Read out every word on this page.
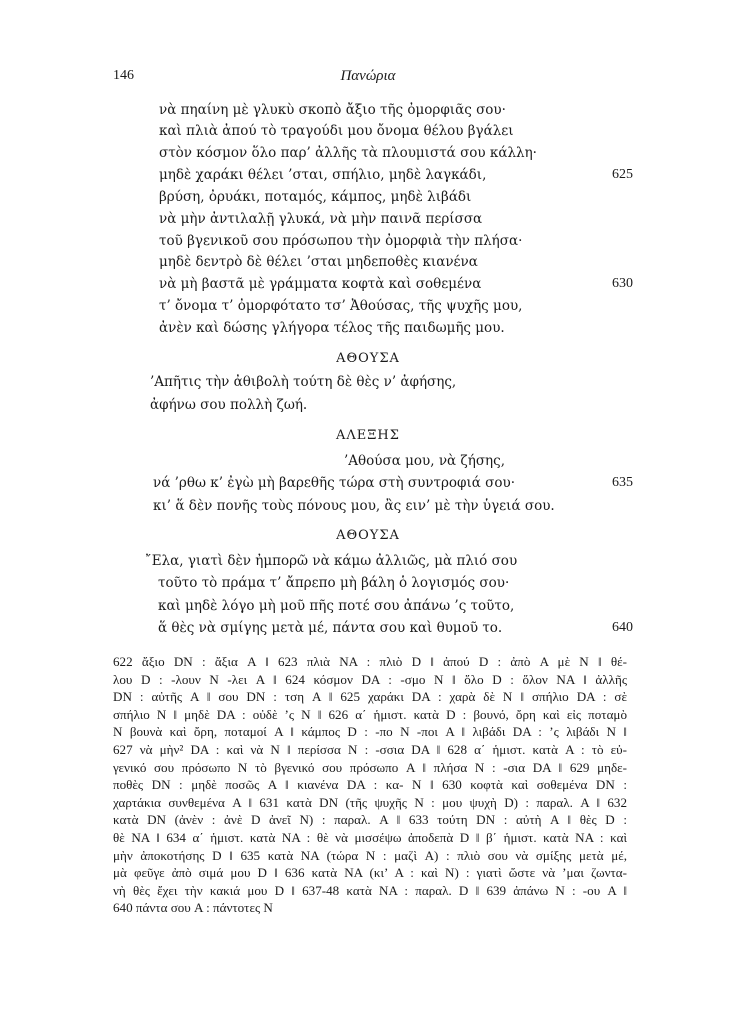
146	Πανώρια
νὰ πηαίνη μὲ γλυκὺ σκοπὸ ἄξιο τῆς ὀμορφιᾶς σου·
καὶ πλιὰ ἀπού τὸ τραγούδι μου ὄνομα θέλου βγάλει
στὸν κόσμον ὅλο παρ’ ἀλλῆς τὰ πλουμιστά σου κάλλη·
μηδὲ χαράκι θέλει ’σται, σπήλιο, μηδὲ λαγκάδι,	625
βρύση, ὀρυάκι, ποταμός, κάμπος, μηδὲ λιβάδι
νὰ μὴν ἀντιλαλῇ γλυκά, νὰ μὴν παινᾶ περίσσα
τοῦ βγενικοῦ σου πρόσωπου τὴν ὀμορφιὰ τὴν πλήσα·
μηδὲ δεντρὸ δὲ θέλει ’σται μηδεποθὲς κιανένα
νὰ μὴ βαστᾶ μὲ γράμματα κοφτὰ καὶ σοθεμένα	630
τ’ ὄνομα τ’ ὀμορφότατο τσ’ Ἀθούσας, τῆς ψυχῆς μου,
ἀνὲν καὶ δώσης γλήγορα τέλος τῆς παιδωμῆς μου.
ΑΘΟΥΣΑ
’Απῆτις τὴν ἀθιβολὴ τούτη δὲ θὲς ν’ ἀφήσης,
ἀφήνω σου πολλὴ ζωή.
ΑΛΕΞΗΣ
’Αθούσα μου, νὰ ζήσης,
νά ’ρθω κ’ ἐγὼ μὴ βαρεθῆς τώρα στὴ συντροφιά σου·	635
κι’ ἅ δὲν πονῆς τοὺς πόνους μου, ἂς ειν’ μὲ τὴν ὑγειά σου.
ΑΘΟΥΣΑ
῎Ελα, γιατὶ δὲν ἠμπορῶ νὰ κάμω ἀλλιῶς, μὰ πλιό σου
τοῦτο τὸ πράμα τ’ ἄπρεπο μὴ βάλη ὁ λογισμός σου·
καὶ μηδὲ λόγο μὴ μοῦ πῆς ποτέ σου ἀπάνω ’ς τοῦτο,
ἅ θὲς νὰ σμίγης μετὰ μέ, πάντα σου καὶ θυμοῦ το.	640
622 ἄξιο DN : ἄξια A ‖ 623 πλιὰ NA : πλιὸ D ‖ ἀπού D : ἀπὸ A μὲ N ‖ θέ-
λου D : -λουν N -λει A ‖ 624 κόσμον DA : -σμο N ‖ ὅλο D : ὅλον NA ‖ ἀλλῆς
DN : αὐτῆς A ‖ σου DN : τση A ‖ 625 χαράκι DA : χαρὰ δὲ N ‖ σπήλιο DA : σὲ
σπήλιο N ‖ μηδὲ DA : οὐδὲ ’ς N ‖ 626 α΄ ἡμιστ. κατὰ D : βουνό, ὄρη καὶ εἰς ποταμὸ
N βουνὰ καὶ ὄρη, ποταμοί A ‖ κάμπος D : -πο N -ποι A ‖ λιβάδι DA : ’ς λιβάδι N ‖
627 νὰ μὴν² DA : καὶ νὰ N ‖ περίσσα N : -σσια DA ‖ 628 α΄ ἡμιστ. κατὰ A : τὸ εὐ-
γενικό σου πρόσωπο N τὸ βγενικό σου πρόσωπο A ‖ πλήσα N : -σια DA ‖ 629 μηδε-
ποθὲς DN : μηδὲ ποσῶς A ‖ κιανένα DA : κα- N ‖ 630 κοφτὰ καὶ σοθεμένα DN :
χαρτάκια συνθεμένα A ‖ 631 κατὰ DN (τῆς ψυχῆς N : μου ψυχὴ D) : παραλ. A ‖ 632
κατὰ DN (ἀνὲν : ἀνὲ D ἀνεῖ N) : παραλ. A ‖ 633 τούτη DN : αὐτὴ A ‖ θὲς D :
θὲ NA ‖ 634 α΄ ἡμιστ. κατὰ NA : θὲ νὰ μισσέψω ἀποδεπὰ D ‖ β΄ ἡμιστ. κατὰ NA : καὶ
μὴν ἀποκοτήσης D ‖ 635 κατὰ NA (τώρα N : μαζὶ A) : πλιὸ σου νὰ σμίξης μετὰ μέ,
μὰ φεῦγε ἀπὸ σιμά μου D ‖ 636 κατὰ NA (κι’ A : καὶ N) : γιατὶ ὥστε νὰ ’μαι ζωντα-
νὴ θὲς ἔχει τὴν κακιά μου D ‖ 637-48 κατὰ NA : παραλ. D ‖ 639 ἀπάνω N : -ου A ‖
640 πάντα σου A : πάντοτες N
